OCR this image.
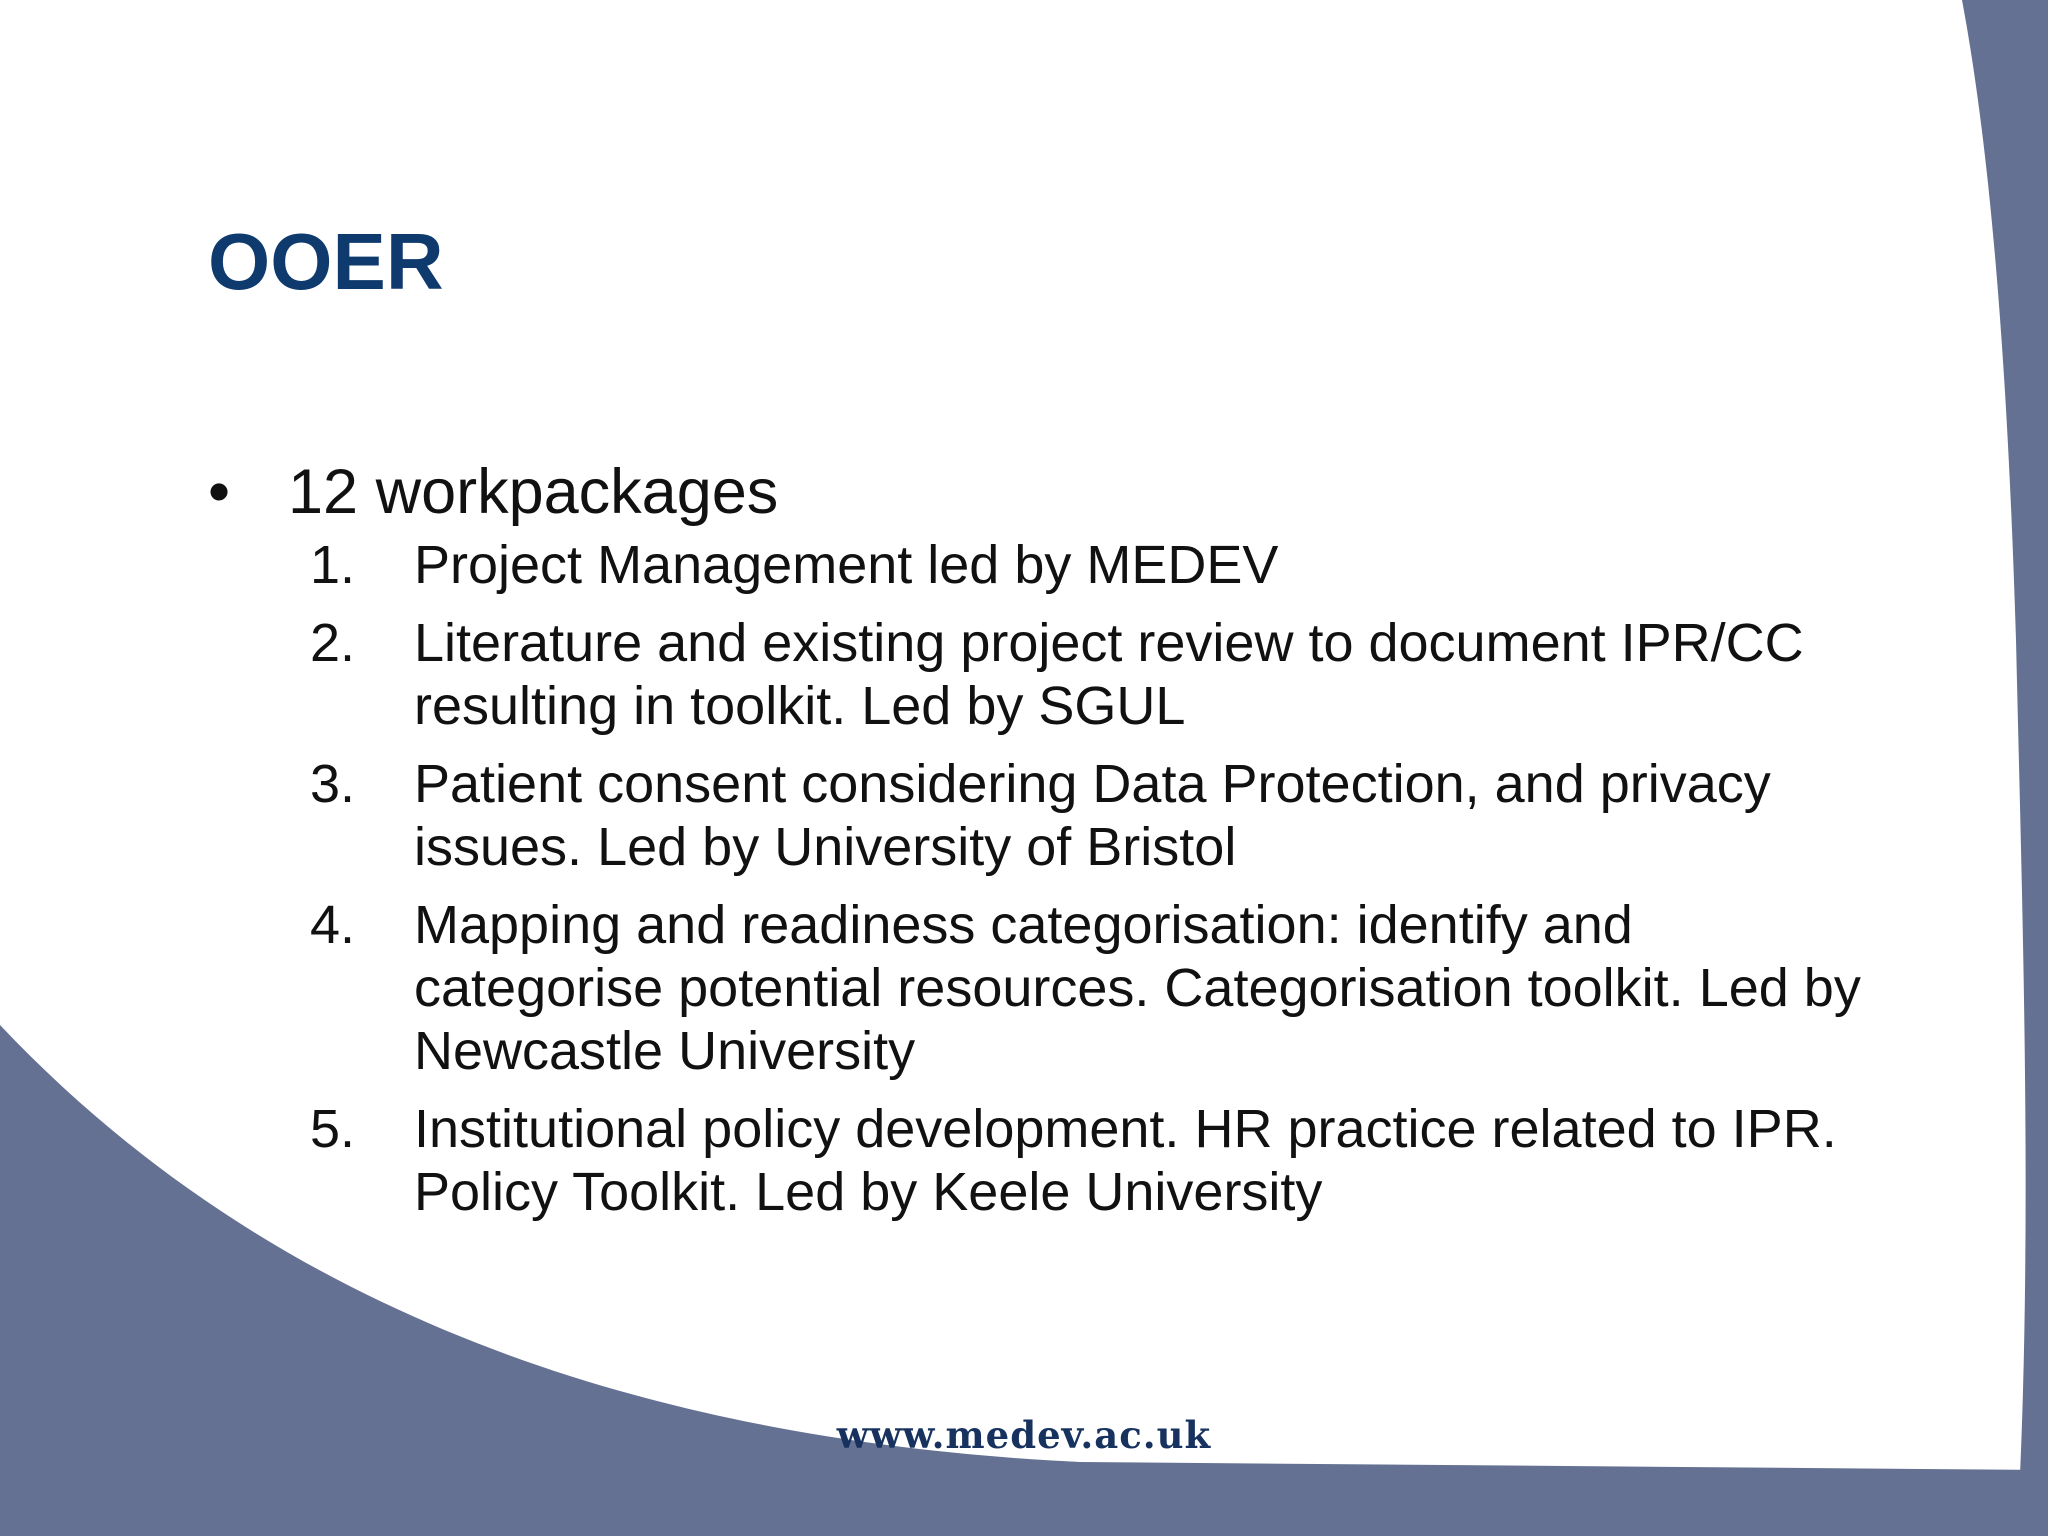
OOER
• 12 workpackages
1.	Project Management led by MEDEV
2.	Literature and existing project review to document IPR/CC resulting in toolkit. Led by SGUL
3.	Patient consent considering Data Protection, and privacy issues. Led by University of Bristol
4.	Mapping and readiness categorisation: identify and categorise potential resources. Categorisation toolkit. Led by Newcastle University
5.	Institutional policy development. HR practice related to IPR. Policy Toolkit. Led by Keele University
www.medev.ac.uk
